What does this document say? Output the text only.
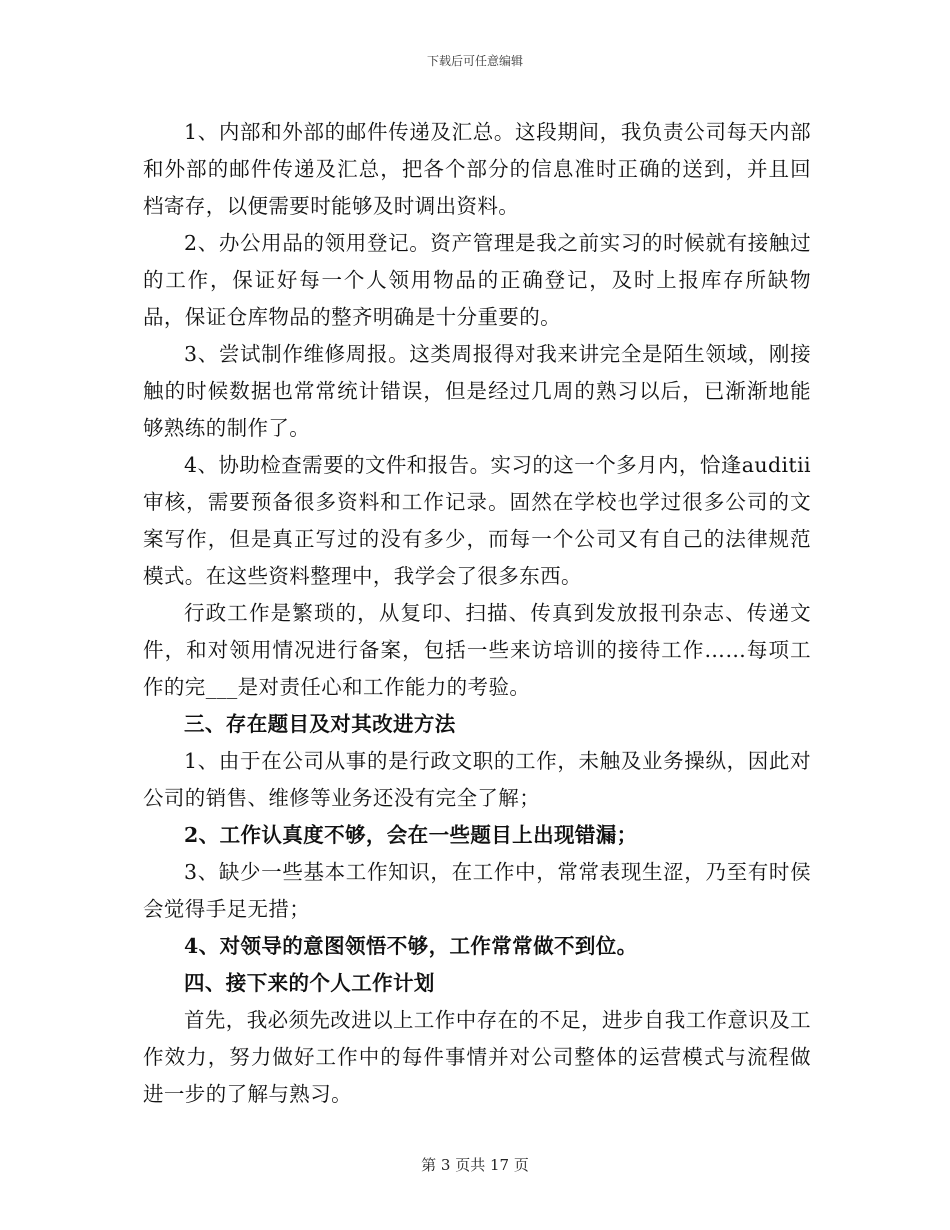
下载后可任意编辑

1、内部和外部的邮件传递及汇总。这段期间，我负责公司每天内部和外部的邮件传递及汇总，把各个部分的信息准时正确的送到，并且回档寄存，以便需要时能够及时调出资料。

2、办公用品的领用登记。资产管理是我之前实习的时候就有接触过的工作，保证好每一个人领用物品的正确登记，及时上报库存所缺物品，保证仓库物品的整齐明确是十分重要的。

3、尝试制作维修周报。这类周报得对我来讲完全是陌生领域，刚接触的时候数据也常常统计错误，但是经过几周的熟习以后，已渐渐地能够熟练的制作了。

4、协助检查需要的文件和报告。实习的这一个多月内，恰逢auditii 审核，需要预备很多资料和工作记录。固然在学校也学过很多公司的文案写作，但是真正写过的没有多少，而每一个公司又有自己的法律规范模式。在这些资料整理中，我学会了很多东西。

行政工作是繁琐的，从复印、扫描、传真到发放报刊杂志、传递文件，和对领用情况进行备案，包括一些来访培训的接待工作……每项工作的完___是对责任心和工作能力的考验。

三、存在题目及对其改进方法

1、由于在公司从事的是行政文职的工作，未触及业务操纵，因此对公司的销售、维修等业务还没有完全了解；

2、工作认真度不够，会在一些题目上出现错漏；

3、缺少一些基本工作知识，在工作中，常常表现生涩，乃至有时侯会觉得手足无措；

4、对领导的意图领悟不够，工作常常做不到位。

四、接下来的个人工作计划

首先，我必须先改进以上工作中存在的不足，进步自我工作意识及工作效力，努力做好工作中的每件事情并对公司整体的运营模式与流程做进一步的了解与熟习。

第 3 页共 17 页
